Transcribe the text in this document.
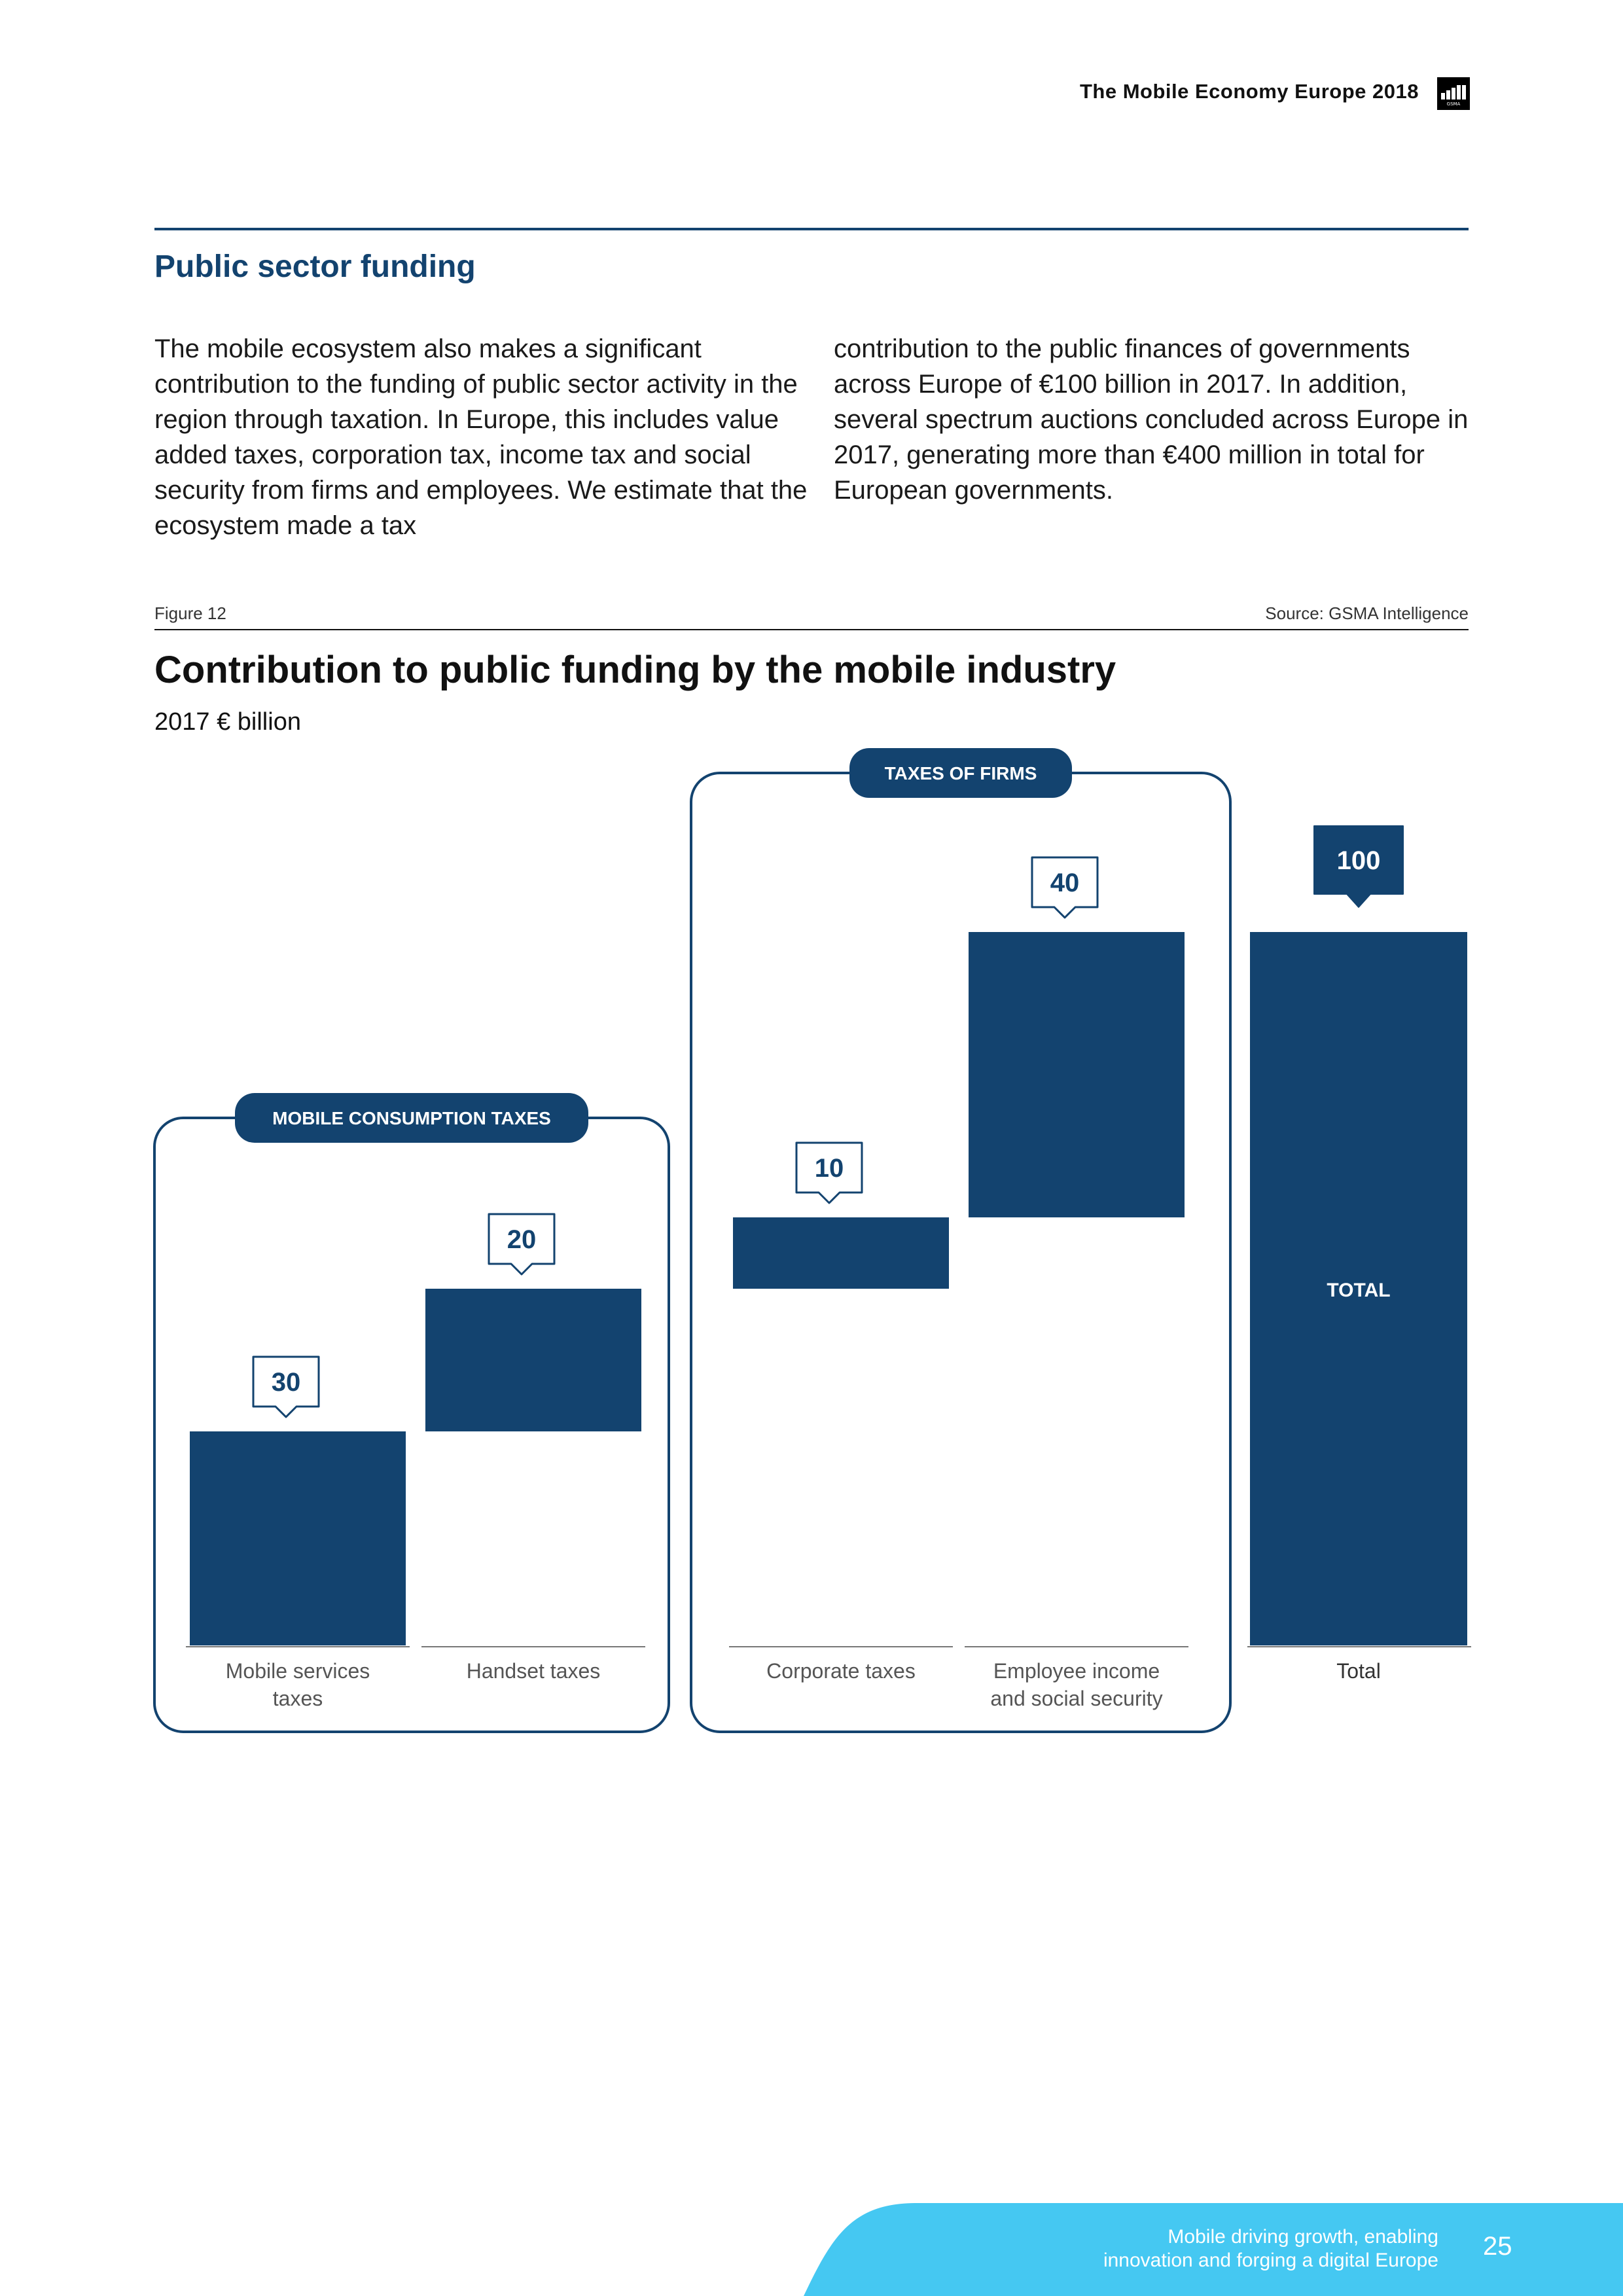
The Mobile Economy Europe 2018
GSMA
Public sector funding
The mobile ecosystem also makes a significant contribution to the funding of public sector activity in the region through taxation. In Europe, this includes value added taxes, corporation tax, income tax and social security from firms and employees. We estimate that the ecosystem made a tax
contribution to the public finances of governments across Europe of €100 billion in 2017. In addition, several spectrum auctions concluded across Europe in 2017, generating more than €400 million in total for European governments.
Figure 12	Source: GSMA Intelligence
Contribution to public funding by the mobile industry
2017 € billion
MOBILE CONSUMPTION TAXES
TAXES OF FIRMS
30
Mobile services
taxes
20
Handset taxes
10
Corporate taxes
40
Employee income
and social security
100
TOTAL
Total
Mobile driving growth, enabling
innovation and forging a digital Europe 25
